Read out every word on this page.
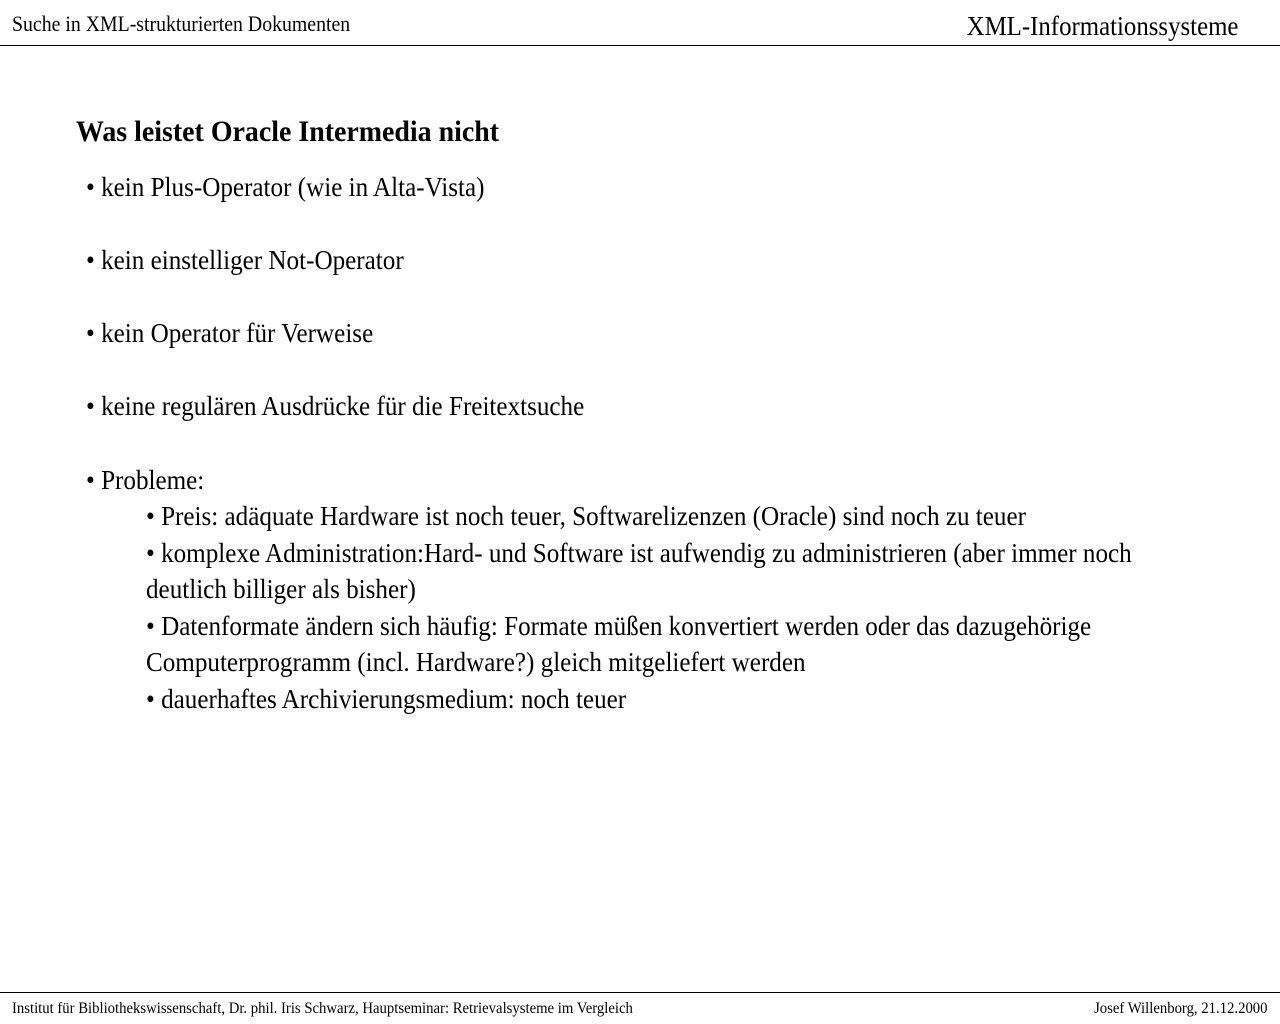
Suche in XML-strukturierten Dokumenten	XML-Informationssysteme
Was leistet Oracle Intermedia nicht
• kein Plus-Operator (wie in Alta-Vista)
• kein einstelliger Not-Operator
• kein Operator für Verweise
• keine regulären Ausdrücke für die Freitextsuche
• Probleme:
• Preis: adäquate Hardware ist noch teuer, Softwarelizenzen (Oracle) sind noch zu teuer
• komplexe Administration:Hard- und Software ist aufwendig zu administrieren (aber immer noch
deutlich billiger als bisher)
• Datenformate ändern sich häufig: Formate müßen konvertiert werden oder das dazugehörige
Computerprogramm (incl. Hardware?) gleich mitgeliefert werden
• dauerhaftes Archivierungsmedium: noch teuer
Institut für Bibliothekswissenschaft, Dr. phil. Iris Schwarz, Hauptseminar: Retrievalsysteme im Vergleich	Josef Willenborg, 21.12.2000
